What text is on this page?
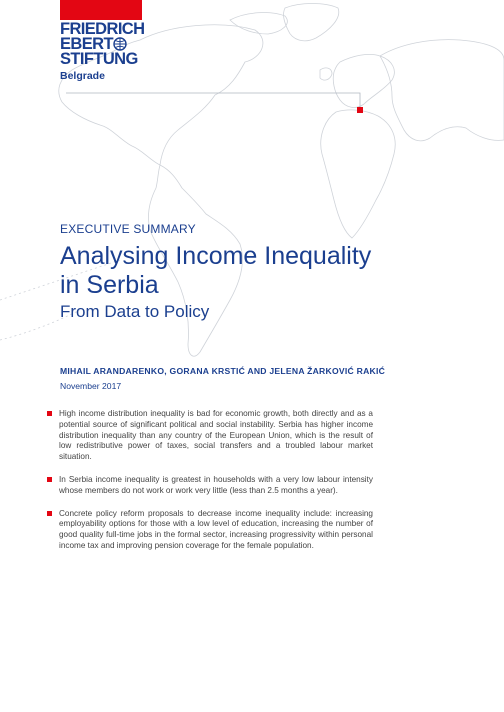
FRIEDRICH
EBERT
STIFTUNG
Belgrade
EXECUTIVE SUMMARY
Analysing Income Inequality
in Serbia
From Data to Policy
MIHAIL ARANDARENKO, GORANA KRSTIĆ AND JELENA ŽARKOVIĆ RAKIĆ
November 2017
High income distribution inequality is bad for economic growth, both directly and as a potential source of significant political and social instability. Serbia has higher income distribution inequality than any country of the European Union, which is the result of low redistributive power of taxes, social transfers and a troubled labour market situation.
In Serbia income inequality is greatest in households with a very low labour intensity whose members do not work or work very little (less than 2.5 months a year).
Concrete policy reform proposals to decrease income inequality include: increasing employability options for those with a low level of education, increasing the number of good quality full-time jobs in the formal sector, increasing progressivity within personal income tax and improving pension coverage for the female population.
